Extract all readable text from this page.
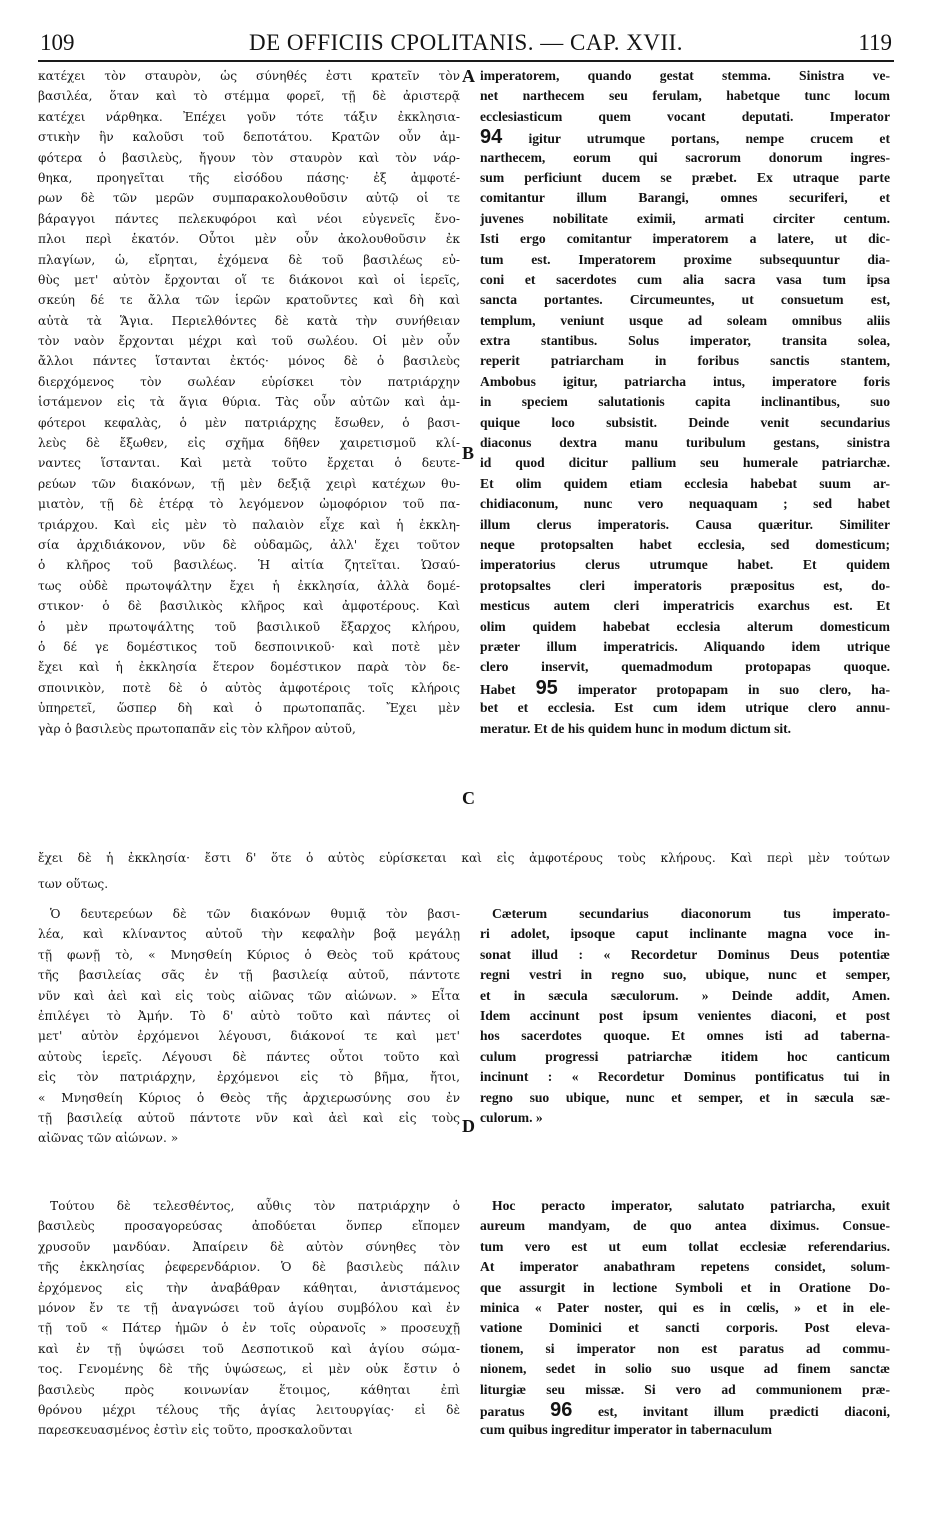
109	DE OFFICIIS CPOLITANIS. — CAP. XVII.	119
A
B
C
D
κατέχει τὸν σταυρὸν, ὡς σύνηθές ἐστι κρατεῖν τὸν
βασιλέα, ὅταν καὶ τὸ στέμμα φορεῖ, τῇ δὲ ἀριστερᾷ
κατέχει νάρθηκα. Ἐπέχει γοῦν τότε τάξιν ἐκκλησια-
στικὴν ἣν καλοῦσι τοῦ δεποτάτου. Κρατῶν οὖν ἀμ-
φότερα ὁ βασιλεὺς, ἤγουν τὸν σταυρὸν καὶ τὸν νάρ-
θηκα, προηγεῖται τῆς εἰσόδου πάσης· ἐξ ἀμφοτέ-
ρων δὲ τῶν μερῶν συμπαρακολουθοῦσιν αὐτῷ οἱ τε
βάραγγοι πάντες πελεκυφόροι καὶ νέοι εὐγενεῖς ἔνο-
πλοι περὶ ἑκατόν. Οὗτοι μὲν οὖν ἀκολουθοῦσιν ἐκ
πλαγίων, ὡ, εἴρηται, ἐχόμενα δὲ τοῦ βασιλέως εὐ-
θὺς μετ' αὐτὸν ἔρχονται οἵ τε διάκονοι καὶ οἱ ἱερεῖς,
σκεύη δέ τε ἄλλα τῶν ἱερῶν κρατοῦντες καὶ δὴ καὶ
αὐτὰ τὰ Ἅγια. Περιελθόντες δὲ κατὰ τὴν συνήθειαν
τὸν ναὸν ἔρχονται μέχρι καὶ τοῦ σωλέου. Οἱ μὲν οὖν
ἄλλοι πάντες ἵστανται ἐκτός· μόνος δὲ ὁ βασιλεὺς
διερχόμενος τὸν σωλέαν εὑρίσκει τὸν πατριάρχην
ἱστάμενον εἰς τὰ ἅγια θύρια. Τὰς οὖν αὐτῶν καὶ ἀμ-
φότεροι κεφαλὰς, ὁ μὲν πατριάρχης ἔσωθεν, ὁ βασι-
λεὺς δὲ ἔξωθεν, εἰς σχῆμα δῆθεν χαιρετισμοῦ κλί-
ναντες ἵστανται. Καὶ μετὰ τοῦτο ἔρχεται ὁ δευτε-
ρεύων τῶν διακόνων, τῇ μὲν δεξιᾷ χειρὶ κατέχων θυ-
μιατὸν, τῇ δὲ ἑτέρᾳ τὸ λεγόμενον ὠμοφόριον τοῦ πα-
τριάρχου. Καὶ εἰς μὲν τὸ παλαιὸν εἶχε καὶ ἡ ἐκκλη-
σία ἀρχιδιάκονον, νῦν δὲ οὐδαμῶς, ἀλλ' ἔχει τοῦτον
ὁ κλῆρος τοῦ βασιλέως. Ἡ αἰτία ζητεῖται. Ὡσαύ-
τως οὐδὲ πρωτοψάλτην ἔχει ἡ ἐκκλησία, ἀλλὰ δομέ-
στικον· ὁ δὲ βασιλικὸς κλῆρος καὶ ἀμφοτέρους. Καὶ
ὁ μὲν πρωτοψάλτης τοῦ βασιλικοῦ ἔξαρχος κλήρου,
ὁ δέ γε δομέστικος τοῦ δεσποινικοῦ· καὶ ποτὲ μὲν
ἔχει καὶ ἡ ἐκκλησία ἕτερον δομέστικον παρὰ τὸν δε-
σποινικὸν, ποτὲ δὲ ὁ αὐτὸς ἀμφοτέροις τοῖς κλήροις
ὑπηρετεῖ, ὥσπερ δὴ καὶ ὁ πρωτοπαπᾶς. Ἔχει μὲν
γὰρ ὁ βασιλεὺς πρωτοπαπᾶν εἰς τὸν κλῆρον αὐτοῦ,
ἔχει δὲ ἡ ἐκκλησία· ἔστι δ' ὅτε ὁ αὐτὸς εὑρίσκεται καὶ εἰς ἀμφοτέρους τοὺς κλήρους. Καὶ περὶ μὲν τούτων
των οὕτως.
Ὁ δευτερεύων δὲ τῶν διακόνων θυμιᾷ τὸν βασι-
λέα, καὶ κλίναντος αὐτοῦ τὴν κεφαλὴν βοᾷ μεγάλῃ
τῇ φωνῇ τὸ, « Μνησθείη Κύριος ὁ Θεὸς τοῦ κράτους
τῆς βασιλείας σᾶς ἐν τῇ βασιλείᾳ αὐτοῦ, πάντοτε
νῦν καὶ ἀεὶ καὶ εἰς τοὺς αἰῶνας τῶν αἰώνων. » Εἶτα
ἐπιλέγει τὸ Ἀμήν. Τὸ δ' αὐτὸ τοῦτο καὶ πάντες οἱ
μετ' αὐτὸν ἐρχόμενοι λέγουσι, διάκονοί τε καὶ μετ'
αὐτοὺς ἱερεῖς. Λέγουσι δὲ πάντες οὗτοι τοῦτο καὶ
εἰς τὸν πατριάρχην, ἐρχόμενοι εἰς τὸ βῆμα, ἤτοι,
« Μνησθείη Κύριος ὁ Θεὸς τῆς ἀρχιερωσύνης σου ἐν
τῇ βασιλείᾳ αὐτοῦ πάντοτε νῦν καὶ ἀεὶ καὶ εἰς τοὺς
αἰῶνας τῶν αἰώνων. »
Τούτου δὲ τελεσθέντος, αὖθις τὸν πατριάρχην ὁ
βασιλεὺς προσαγορεύσας ἀποδύεται ὅνπερ εἴπομεν
χρυσοῦν μανδύαν. Ἀπαίρειν δὲ αὐτὸν σύνηθες τὸν
τῆς ἐκκλησίας ῥεφερενδάριον. Ὁ δὲ βασιλεὺς πάλιν
ἐρχόμενος εἰς τὴν ἀναβάθραν κάθηται, ἀνιστάμενος
μόνον ἔν τε τῇ ἀναγνώσει τοῦ ἁγίου συμβόλου καὶ ἐν
τῇ τοῦ « Πάτερ ἡμῶν ὁ ἐν τοῖς οὐρανοῖς » προσευχῇ
καὶ ἐν τῇ ὑψώσει τοῦ Δεσποτικοῦ καὶ ἁγίου σώμα-
τος. Γενομένης δὲ τῆς ὑψώσεως, εἰ μὲν οὐκ ἔστιν ὁ
βασιλεὺς πρὸς κοινωνίαν ἕτοιμος, κάθηται ἐπὶ
θρόνου μέχρι τέλους τῆς ἁγίας λειτουργίας· εἰ δὲ
παρεσκευασμένος ἐστὶν εἰς τοῦτο, προσκαλοῦνται
imperatorem, quando gestat stemma. Sinistra ve-
net narthecem seu ferulam, habetque tunc locum
ecclesiasticum quem vocant deputati. Imperator
94 igitur utrumque portans, nempe crucem et
narthecem, eorum qui sacrorum donorum ingres-
sum perficiunt ducem se præbet. Ex utraque parte
comitantur illum Barangi, omnes securiferi, et
juvenes nobilitate eximii, armati circiter centum.
Isti ergo comitantur imperatorem a latere, ut dic-
tum est. Imperatorem proxime subsequuntur dia-
coni et sacerdotes cum alia sacra vasa tum ipsa
sancta portantes. Circumeuntes, ut consuetum est,
templum, veniunt usque ad soleam omnibus aliis
extra stantibus. Solus imperator, transita solea,
reperit patriarcham in foribus sanctis stantem,
Ambobus igitur, patriarcha intus, imperatore foris
in speciem salutationis capita inclinantibus, suo
quique loco subsistit. Deinde venit secundarius
diaconus dextra manu turibulum gestans, sinistra
id quod dicitur pallium seu humerale patriarchæ.
Et olim quidem etiam ecclesia habebat suum ar-
chidiaconum, nunc vero nequaquam ; sed habet
illum clerus imperatoris. Causa quæritur. Similiter
neque protopsalten habet ecclesia, sed domesticum;
imperatorius clerus utrumque habet. Et quidem
protopsaltes cleri imperatoris præpositus est, do-
mesticus autem cleri imperatricis exarchus est. Et
olim quidem habebat ecclesia alterum domesticum
præter illum imperatricis. Aliquando idem utrique
clero inservit, quemadmodum protopapas quoque.
Habet 95 imperator protopapam in suo clero, ha-
bet et ecclesia. Est cum idem utrique clero annu-
meratur. Et de his quidem hunc in modum dictum sit.
Cæterum secundarius diaconorum tus imperato-
ri adolet, ipsoque caput inclinante magna voce in-
sonat illud : « Recordetur Dominus Deus potentiæ
regni vestri in regno suo, ubique, nunc et semper,
et in sæcula sæculorum. » Deinde addit, Amen.
Idem accinunt post ipsum venientes diaconi, et post
hos sacerdotes quoque. Et omnes isti ad taberna-
culum progressi patriarchæ itidem hoc canticum
incinunt : « Recordetur Dominus pontificatus tui in
regno suo ubique, nunc et semper, et in sæcula sæ-
culorum. »
Hoc peracto imperator, salutato patriarcha, exuit
aureum mandyam, de quo antea diximus. Consue-
tum vero est ut eum tollat ecclesiæ referendarius.
At imperator anabathram repetens considet, solum-
que assurgit in lectione Symboli et in Oratione Do-
minica « Pater noster, qui es in cœlis, » et in ele-
vatione Dominici et sancti corporis. Post eleva-
tionem, si imperator non est paratus ad commu-
nionem, sedet in solio suo usque ad finem sanctæ
liturgiæ seu missæ. Si vero ad communionem præ-
paratus 96 est, invitant illum prædicti diaconi,
cum quibus ingreditur imperator in tabernaculum
